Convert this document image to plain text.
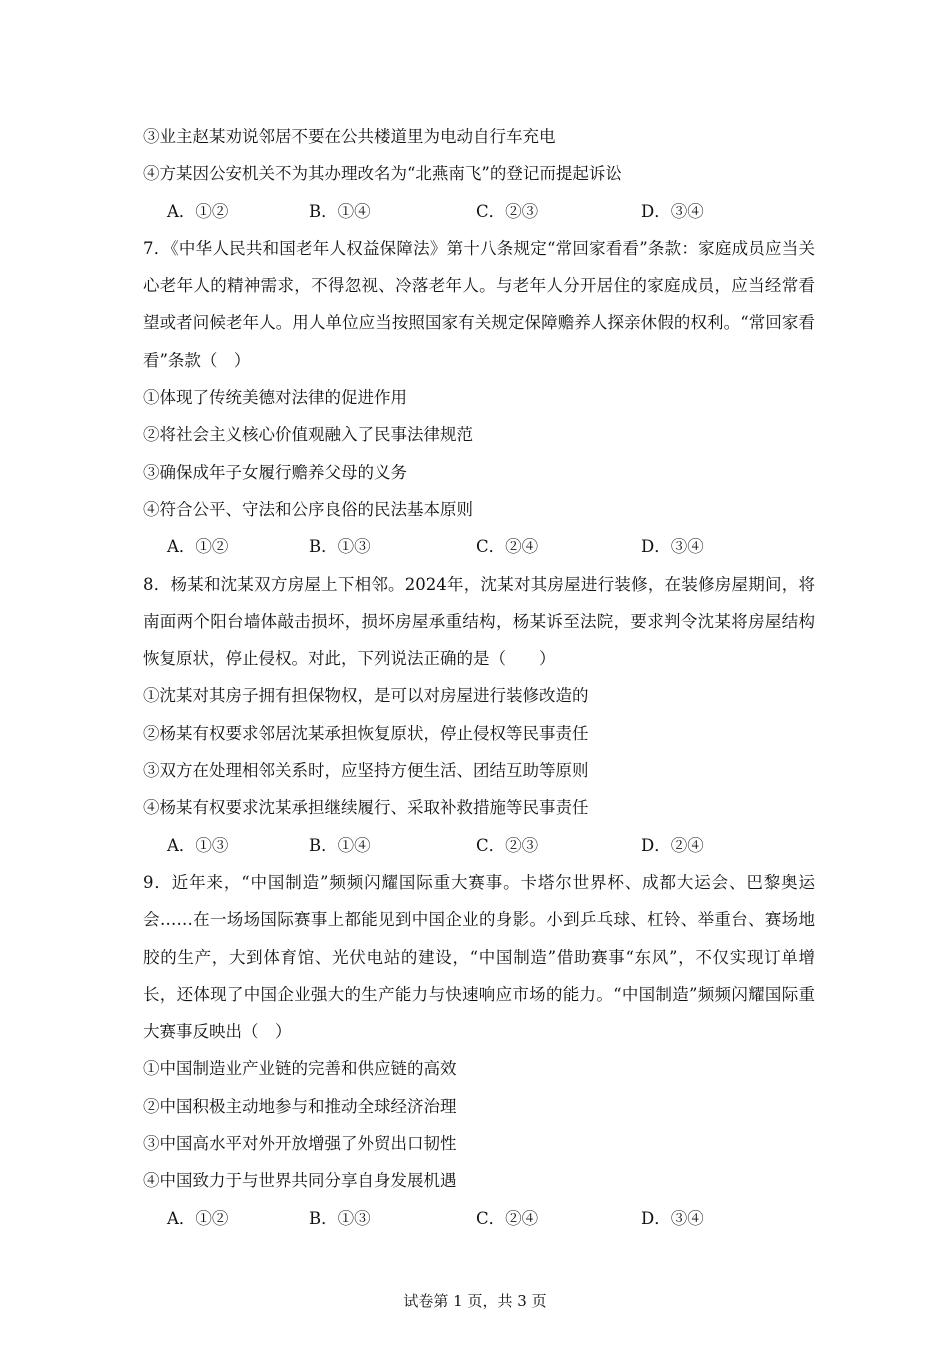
③业主赵某劝说邻居不要在公共楼道里为电动自行车充电
④方某因公安机关不为其办理改名为“北燕南飞”的登记而提起诉讼
A．①②	B．①④	C．②③	D．③④
7．《中华人民共和国老年人权益保障法》第十八条规定“常回家看看”条款：家庭成员应当关心老年人的精神需求，不得忽视、冷落老年人。与老年人分开居住的家庭成员，应当经常看望或者问候老年人。用人单位应当按照国家有关规定保障赡养人探亲休假的权利。“常回家看看”条款（　）
①体现了传统美德对法律的促进作用
②将社会主义核心价值观融入了民事法律规范
③确保成年子女履行赡养父母的义务
④符合公平、守法和公序良俗的民法基本原则
A．①②	B．①③	C．②④	D．③④
8．杨某和沈某双方房屋上下相邻。2024年，沈某对其房屋进行装修，在装修房屋期间，将南面两个阳台墙体敲击损坏，损坏房屋承重结构，杨某诉至法院，要求判令沈某将房屋结构恢复原状，停止侵权。对此，下列说法正确的是（　　）
①沈某对其房子拥有担保物权，是可以对房屋进行装修改造的
②杨某有权要求邻居沈某承担恢复原状，停止侵权等民事责任
③双方在处理相邻关系时，应坚持方便生活、团结互助等原则
④杨某有权要求沈某承担继续履行、采取补救措施等民事责任
A．①③	B．①④	C．②③	D．②④
9．近年来，“中国制造”频频闪耀国际重大赛事。卡塔尔世界杯、成都大运会、巴黎奥运会……在一场场国际赛事上都能见到中国企业的身影。小到乒乓球、杠铃、举重台、赛场地胶的生产，大到体育馆、光伏电站的建设，“中国制造”借助赛事“东风”，不仅实现订单增长，还体现了中国企业强大的生产能力与快速响应市场的能力。“中国制造”频频闪耀国际重大赛事反映出（　）
①中国制造业产业链的完善和供应链的高效
②中国积极主动地参与和推动全球经济治理
③中国高水平对外开放增强了外贸出口韧性
④中国致力于与世界共同分享自身发展机遇
A．①②	B．①③	C．②④	D．③④
试卷第 1 页，共 3 页
